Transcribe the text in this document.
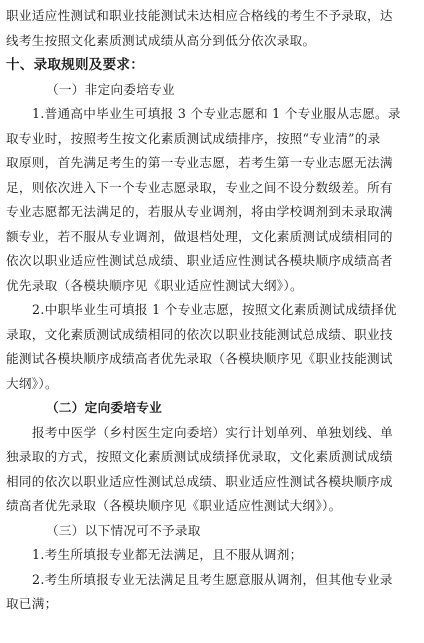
职业适应性测试和职业技能测试未达相应合格线的考生不予录取，达
线考生按照文化素质测试成绩从高分到低分依次录取。
十、录取规则及要求：
（一）非定向委培专业
1.普通高中毕业生可填报 3 个专业志愿和 1 个专业服从志愿。录
取专业时，按照考生按文化素质测试成绩排序，按照“专业清”的录
取原则，首先满足考生的第一专业志愿，若考生第一专业志愿无法满
足，则依次进入下一个专业志愿录取，专业之间不设分数级差。所有
专业志愿都无法满足的，若服从专业调剂，将由学校调剂到未录取满
额专业，若不服从专业调剂，做退档处理，文化素质测试成绩相同的
依次以职业适应性测试总成绩、职业适应性测试各模块顺序成绩高者
优先录取（各模块顺序见《职业适应性测试大纲》）。
2.中职毕业生可填报 1 个专业志愿，按照文化素质测试成绩择优
录取，文化素质测试成绩相同的依次以职业技能测试总成绩、职业技
能测试各模块顺序成绩高者优先录取（各模块顺序见《职业技能测试
大纲》）。
（二）定向委培专业
报考中医学（乡村医生定向委培）实行计划单列、单独划线、单
独录取的方式，按照文化素质测试成绩择优录取，文化素质测试成绩
相同的依次以职业适应性测试总成绩、职业适应性测试各模块顺序成
绩高者优先录取（各模块顺序见《职业适应性测试大纲》）。
（三）以下情况可不予录取
1.考生所填报专业都无法满足，且不服从调剂；
2.考生所填报专业无法满足且考生愿意服从调剂，但其他专业录
取已满；
